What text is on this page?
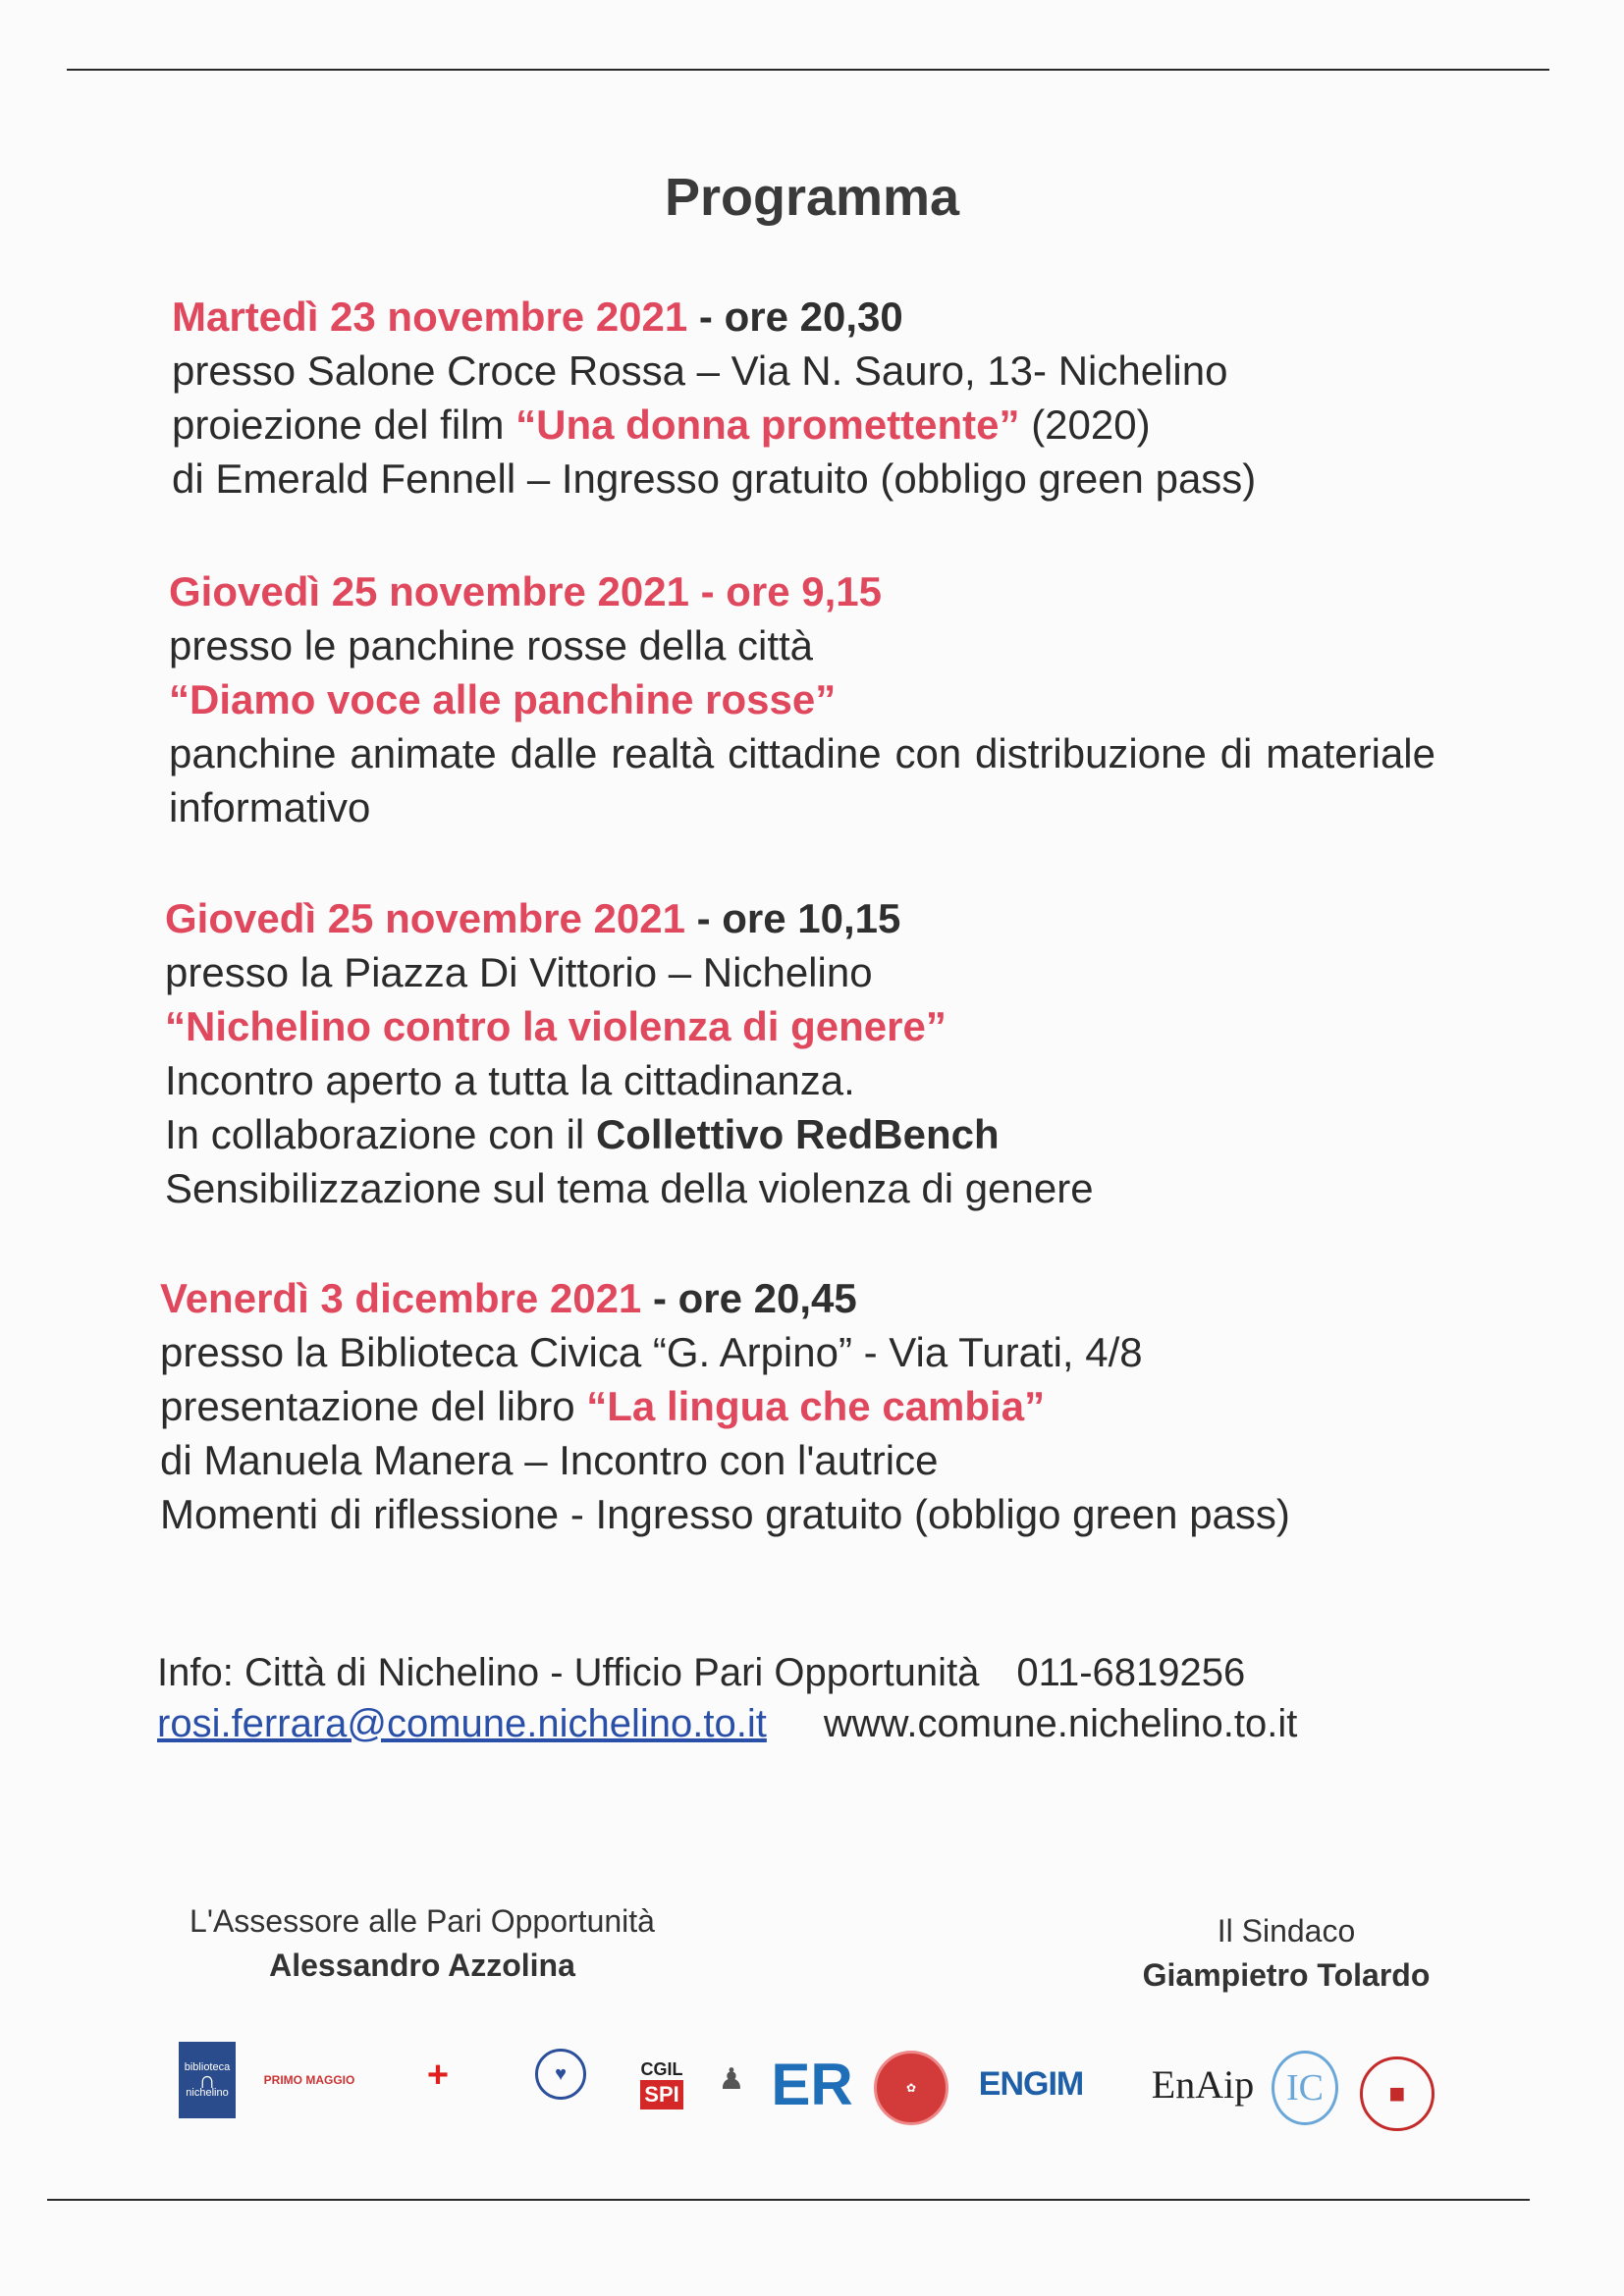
Programma

Martedì 23 novembre 2021 - ore 20,30

presso Salone Croce Rossa – Via N. Sauro, 13- Nichelino

proiezione del film “Una donna promettente” (2020)

di Emerald Fennell – Ingresso gratuito (obbligo green pass)

Giovedì 25 novembre 2021 - ore 9,15

presso le panchine rosse della città

“Diamo voce alle panchine rosse”

panchine animate dalle realtà cittadine con distribuzione di materiale informativo

Giovedì 25 novembre 2021 - ore 10,15

presso la Piazza Di Vittorio – Nichelino

“Nichelino contro la violenza di genere”

Incontro aperto a tutta la cittadinanza.

In collaborazione con il Collettivo RedBench

Sensibilizzazione sul tema della violenza di genere

Venerdì 3 dicembre 2021 - ore 20,45

presso la Biblioteca Civica “G. Arpino” - Via Turati, 4/8

presentazione del libro “La lingua che cambia”

di Manuela Manera – Incontro con l'autrice

Momenti di riflessione - Ingresso gratuito (obbligo green pass)

Info: Città di Nichelino - Ufficio Pari Opportunità 011-6819256

rosi.ferrara@comune.nichelino.to.it www.comune.nichelino.to.it

L'Assessore alle Pari Opportunità
Alessandro Azzolina
Il Sindaco
Giampietro Tolardo
biblioteca
∩
nichelino
PRIMO MAGGIO	+	♥	CGIL
SPI	♟ ER	✿	ENGIM	EnAip IC	■
